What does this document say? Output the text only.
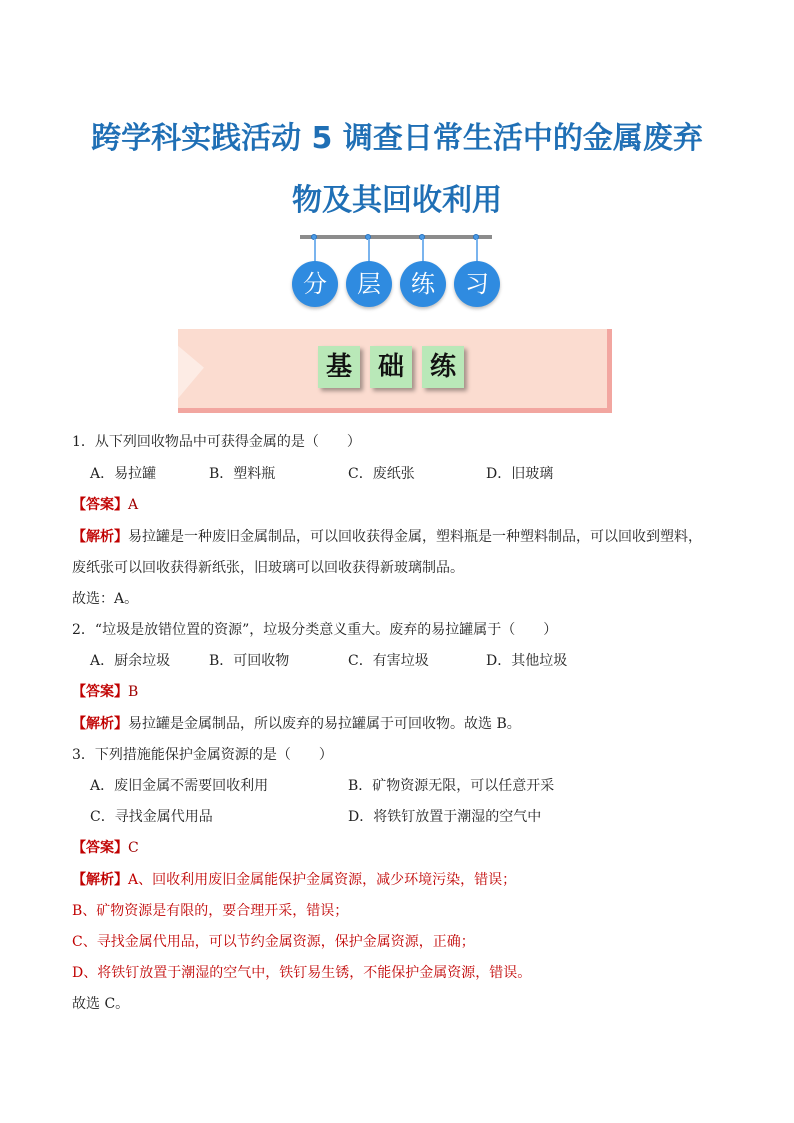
跨学科实践活动 5 调查日常生活中的金属废弃
物及其回收利用
分	层	练	习
基 础 练
1．从下列回收物品中可获得金属的是（　　）
A．易拉罐	B．塑料瓶	C．废纸张	D．旧玻璃
【答案】A
【解析】易拉罐是一种废旧金属制品，可以回收获得金属，塑料瓶是一种塑料制品，可以回收到塑料，
废纸张可以回收获得新纸张，旧玻璃可以回收获得新玻璃制品。
故选：A。
2．“垃圾是放错位置的资源”，垃圾分类意义重大。废弃的易拉罐属于（　　）
A．厨余垃圾	B．可回收物	C．有害垃圾	D．其他垃圾
【答案】B
【解析】易拉罐是金属制品，所以废弃的易拉罐属于可回收物。故选 B。
3．下列措施能保护金属资源的是（　　）
A．废旧金属不需要回收利用	B．矿物资源无限，可以任意开采
C．寻找金属代用品	D．将铁钉放置于潮湿的空气中
【答案】C
【解析】A、回收利用废旧金属能保护金属资源，减少环境污染，错误；
B、矿物资源是有限的，要合理开采，错误；
C、寻找金属代用品，可以节约金属资源，保护金属资源，正确；
D、将铁钉放置于潮湿的空气中，铁钉易生锈，不能保护金属资源，错误。
故选 C。
